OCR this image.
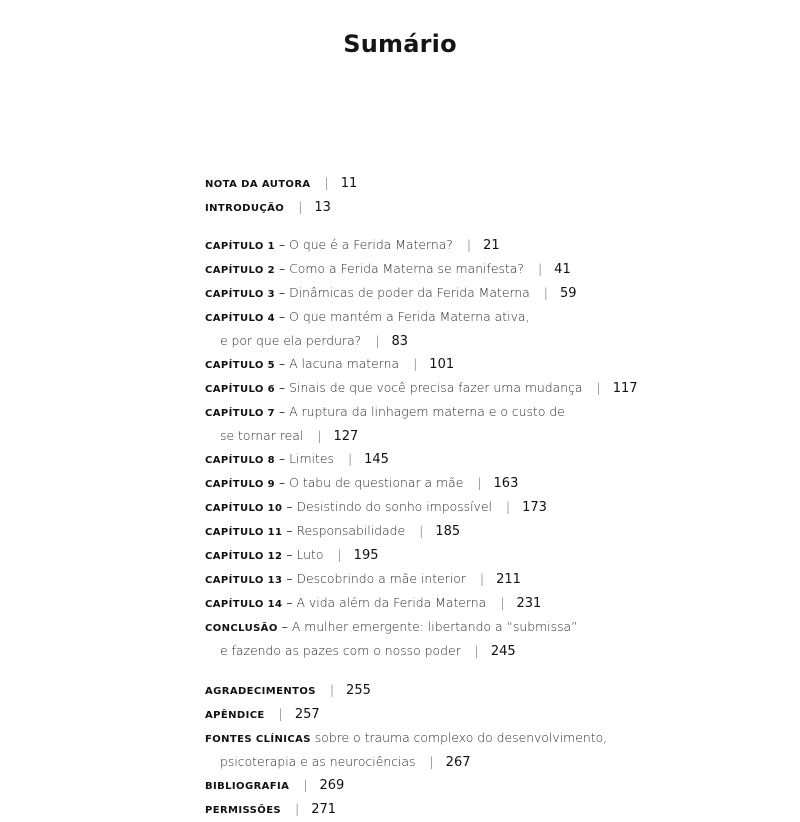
Sumário
NOTA DA AUTORA | 11
INTRODUÇÃO | 13
CAPÍTULO 1 – O que é a Ferida Materna? | 21
CAPÍTULO 2 – Como a Ferida Materna se manifesta? | 41
CAPÍTULO 3 – Dinâmicas de poder da Ferida Materna | 59
CAPÍTULO 4 – O que mantém a Ferida Materna ativa,
e por que ela perdura? | 83
CAPÍTULO 5 – A lacuna materna | 101
CAPÍTULO 6 – Sinais de que você precisa fazer uma mudança | 117
CAPÍTULO 7 – A ruptura da linhagem materna e o custo de
se tornar real | 127
CAPÍTULO 8 – Limites | 145
CAPÍTULO 9 – O tabu de questionar a mãe | 163
CAPÍTULO 10 – Desistindo do sonho impossível | 173
CAPÍTULO 11 – Responsabilidade | 185
CAPÍTULO 12 – Luto | 195
CAPÍTULO 13 – Descobrindo a mãe interior | 211
CAPÍTULO 14 – A vida além da Ferida Materna | 231
CONCLUSÃO – A mulher emergente: libertando a “submissa”
e fazendo as pazes com o nosso poder | 245
AGRADECIMENTOS | 255
APÊNDICE | 257
FONTES CLÍNICAS sobre o trauma complexo do desenvolvimento,
psicoterapia e as neurociências | 267
BIBLIOGRAFIA | 269
PERMISSÕES | 271
